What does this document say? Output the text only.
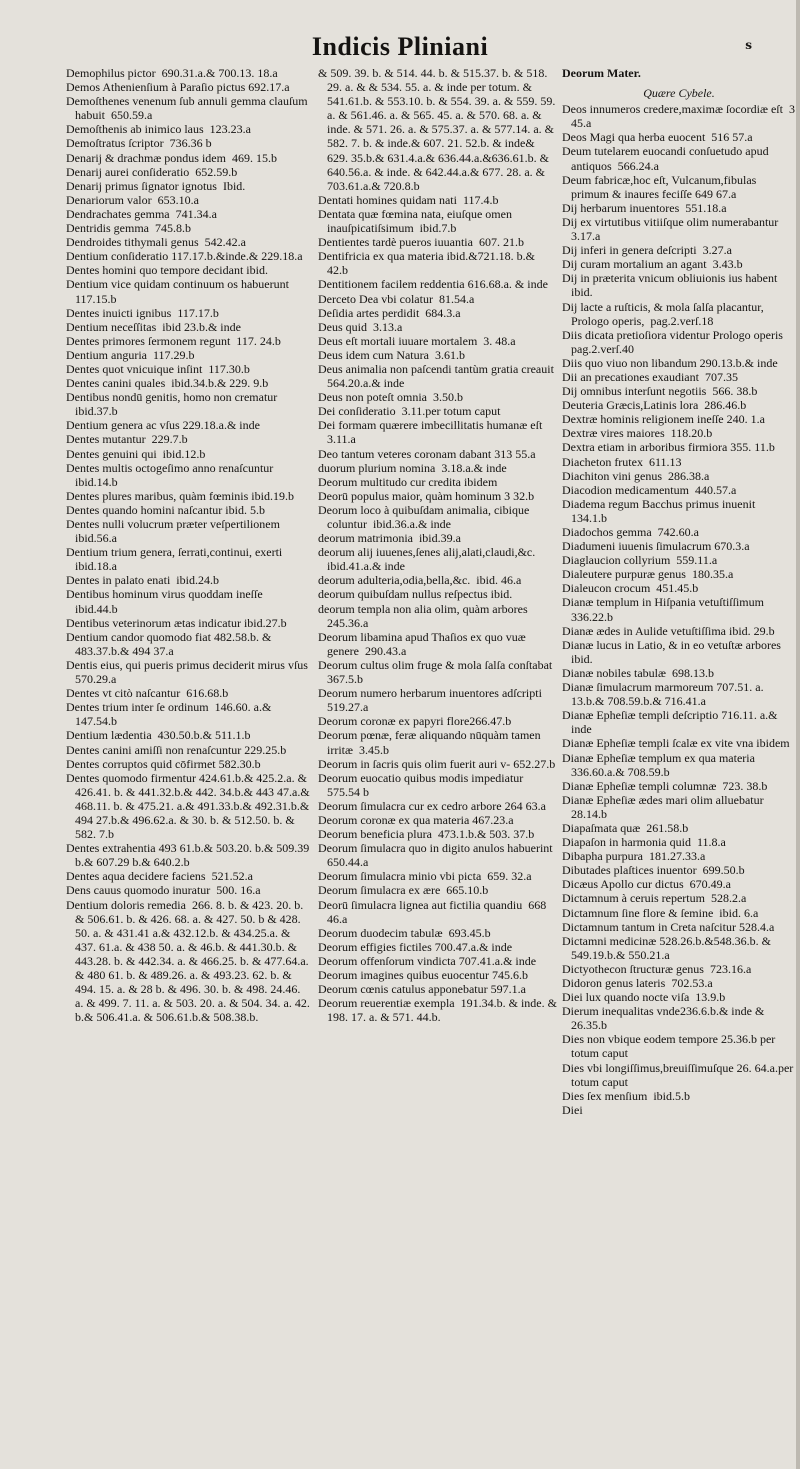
Indicis Pliniani	s

Demophilus pictor  690.31.a.& 700.13. 18.a

Demos Athenienſium à Paraſio pictus 692.17.a

Demoſthenes venenum ſub annuli gemma clauſum habuit  650.59.a

Demoſthenis ab inimico laus  123.23.a

Demoſtratus ſcriptor  736.36 b

Denarij & drachmæ pondus idem  469. 15.b

Denarij aurei conſideratio  652.59.b

Denarij primus ſignator ignotus  Ibid.

Denariorum valor  653.10.a

Dendrachates gemma  741.34.a

Dentridis gemma  745.8.b

Dendroides tithymali genus  542.42.a

Dentium conſideratio 117.17.b.&inde.& 229.18.a

Dentes homini quo tempore decidant ibid.

Dentium vice quidam continuum os habuerunt  117.15.b

Dentes inuicti ignibus  117.17.b

Dentium neceſſitas  ibid 23.b.& inde

Dentes primores ſermonem regunt  117. 24.b

Dentium anguria  117.29.b

Dentes quot vnicuique inſint  117.30.b

Dentes canini quales  ibid.34.b.& 229. 9.b

Dentibus nondū genitis, homo non crematur  ibid.37.b

Dentium genera ac vſus 229.18.a.& inde

Dentes mutantur  229.7.b

Dentes genuini qui  ibid.12.b

Dentes multis octogeſimo anno renaſcuntur  ibid.14.b

Dentes plures maribus, quàm fœminis ibid.19.b

Dentes quando homini naſcantur ibid. 5.b

Dentes nulli volucrum præter veſpertilionem  ibid.56.a

Dentium trium genera, ſerrati,continui, exerti  ibid.18.a

Dentes in palato enati  ibid.24.b

Dentibus hominum virus quoddam ineſſe  ibid.44.b

Dentibus veterinorum ætas indicatur ibid.27.b

Dentium candor quomodo fiat 482.58.b. & 483.37.b.& 494 37.a

Dentis eius, qui pueris primus deciderit mirus vſus  570.29.a

Dentes vt citò naſcantur  616.68.b

Dentes trium inter ſe ordinum  146.60. a.& 147.54.b

Dentium lædentia  430.50.b.& 511.1.b

Dentes canini amiſſi non renaſcuntur 229.25.b

Dentes corruptos quid cōfirmet 582.30.b

Dentes quomodo firmentur 424.61.b.& 425.2.a. & 426.41. b. & 441.32.b.& 442. 34.b.& 443 47.a.& 468.11. b. & 475.21. a.& 491.33.b.& 492.31.b.& 494 27.b.& 496.62.a. & 30. b. & 512.50. b. & 582. 7.b

Dentes extrahentia 493 61.b.& 503.20. b.& 509.39 b.& 607.29 b.& 640.2.b

Dentes aqua decidere faciens  521.52.a

Dens cauus quomodo inuratur  500. 16.a

Dentium doloris remedia  266. 8. b. & 423. 20. b. & 506.61. b. & 426. 68. a. & 427. 50. b & 428. 50. a. & 431.41 a.& 432.12.b. & 434.25.a. & 437. 61.a. & 438 50. a. & 46.b. & 441.30.b. & 443.28. b. & 442.34. a. & 466.25. b. & 477.64.a. & 480 61. b. & 489.26. a. & 493.23. 62. b. & 494. 15. a. & 28 b. & 496. 30. b. & 498. 24.46. a. & 499. 7. 11. a. & 503. 20. a. & 504. 34. a. 42. b.& 506.41.a. & 506.61.b.& 508.38.b.

& 509. 39. b. & 514. 44. b. & 515.37. b. & 518. 29. a. & & 534. 55. a. & inde per totum. & 541.61.b. & 553.10. b. & 554. 39. a. & 559. 59. a. & 561.46. a. & 565. 45. a. & 570. 68. a. & inde. & 571. 26. a. & 575.37. a. & 577.14. a. & 582. 7. b. & inde.& 607. 21. 52.b. & inde& 629. 35.b.& 631.4.a.& 636.44.a.&636.61.b. & 640.56.a. & inde. & 642.44.a.& 677. 28. a. & 703.61.a.& 720.8.b

Dentati homines quidam nati  117.4.b

Dentata quæ fœmina nata, eiuſque omen inauſpicatiſsimum  ibid.7.b

Dentientes tardè pueros iuuantia  607. 21.b

Dentifricia ex qua materia ibid.&721.18. b.& 42.b

Dentitionem facilem reddentia 616.68.a. & inde

Derceto Dea vbi colatur  81.54.a

Deſidia artes perdidit  684.3.a

Deus quid  3.13.a

Deus eſt mortali iuuare mortalem  3. 48.a

Deus idem cum Natura  3.61.b

Deus animalia non paſcendi tantùm gratia creauit  564.20.a.& inde

Deus non poteſt omnia  3.50.b

Dei conſideratio  3.11.per totum caput

Dei formam quærere imbecillitatis humanæ eſt  3.11.a

Deo tantum veteres coronam dabant 313 55.a

duorum plurium nomina  3.18.a.& inde

Deorum multitudo cur credita ibidem

Deorū populus maior, quàm hominum 3 32.b

Deorum loco à quibuſdam animalia, cibique coluntur  ibid.36.a.& inde

deorum matrimonia  ibid.39.a

deorum alij iuuenes,ſenes alij,alati,claudi,&c.  ibid.41.a.& inde

deorum adulteria,odia,bella,&c.  ibid. 46.a

deorum quibuſdam nullus reſpectus ibid.

deorum templa non alia olim, quàm arbores  245.36.a

Deorum libamina apud Thaſios ex quo vuæ genere  290.43.a

Deorum cultus olim fruge & mola ſalſa conſtabat  367.5.b

Deorum numero herbarum inuentores adſcripti  519.27.a

Deorum coronæ ex papyri flore266.47.b

Deorum pœnæ, feræ aliquando nūquàm tamen irritæ  3.45.b

Deorum in ſacris quis olim fuerit auri v- 652.27.b

Deorum euocatio quibus modis impediatur  575.54 b

Deorum ſimulacra cur ex cedro arbore 264 63.a

Deorum coronæ ex qua materia 467.23.a

Deorum beneficia plura  473.1.b.& 503. 37.b

Deorum ſimulacra quo in digito anulos habuerint  650.44.a

Deorum ſimulacra minio vbi picta  659. 32.a

Deorum ſimulacra ex ære  665.10.b

Deorū ſimulacra lignea aut fictilia quandiu  668 46.a

Deorum duodecim tabulæ  693.45.b

Deorum effigies fictiles 700.47.a.& inde

Deorum offenſorum vindicta 707.41.a.& inde

Deorum imagines quibus euocentur 745.6.b

Deorum cœnis catulus apponebatur 597.1.a

Deorum reuerentiæ exempla  191.34.b. & inde. & 198. 17. a. & 571. 44.b.

Deorum Mater.

Quære Cybele.

Deos innumeros credere,maximæ ſocordiæ eſt  3 45.a

Deos Magi qua herba euocent  516 57.a

Deum tutelarem euocandi conſuetudo apud antiquos  566.24.a

Deum fabricæ,hoc eſt, Vulcanum,fibulas primum & inaures feciſſe 649 67.a

Dij herbarum inuentores  551.18.a

Dij ex virtutibus vitiiſque olim numerabantur  3.17.a

Dij inferi in genera deſcripti  3.27.a

Dij curam mortalium an agant  3.43.b

Dij in præterita vnicum obliuionis ius habent  ibid.

Dij lacte a ruſticis, & mola ſalſa placantur, Prologo operis,  pag.2.verſ.18

Diis dicata pretioſiora videntur Prologo operis pag.2.verſ.40

Diis quo viuo non libandum 290.13.b.& inde

Dii an precationes exaudiant  707.35

Dij omnibus interſunt negotiis  566. 38.b

Deuteria Græcis,Latinis lora  286.46.b

Dextræ hominis religionem ineſſe 240. 1.a

Dextræ vires maiores  118.20.b

Dextra etiam in arboribus firmiora 355. 11.b

Diacheton frutex  611.13

Diachiton vini genus  286.38.a

Diacodion medicamentum  440.57.a

Diadema regum Bacchus primus inuenit  134.1.b

Diadochos gemma  742.60.a

Diadumeni iuuenis ſimulacrum 670.3.a

Diaglaucion collyrium  559.11.a

Dialeutere purpuræ genus  180.35.a

Dialeucon crocum  451.45.b

Dianæ templum in Hiſpania vetuſtiſſimum  336.22.b

Dianæ ædes in Aulide vetuſtiſſima ibid. 29.b

Dianæ lucus in Latio, & in eo vetuſtæ arbores  ibid.

Dianæ nobiles tabulæ  698.13.b

Dianæ ſimulacrum marmoreum 707.51. a. 13.b.& 708.59.b.& 716.41.a

Dianæ Epheſiæ templi deſcriptio 716.11. a.& inde

Dianæ Epheſiæ templi ſcalæ ex vite vna ibidem

Dianæ Epheſiæ templum ex qua materia  336.60.a.& 708.59.b

Dianæ Epheſiæ templi columnæ  723. 38.b

Dianæ Epheſiæ ædes mari olim alluebatur  28.14.b

Diapaſmata quæ  261.58.b

Diapaſon in harmonia quid  11.8.a

Dibapha purpura  181.27.33.a

Dibutades plaſtices inuentor  699.50.b

Dicæus Apollo cur dictus  670.49.a

Dictamnum à ceruis repertum  528.2.a

Dictamnum ſine flore & ſemine  ibid. 6.a

Dictamnum tantum in Creta naſcitur 528.4.a

Dictamni medicinæ 528.26.b.&548.36.b. & 549.19.b.& 550.21.a

Dictyothecon ſtructuræ genus  723.16.a

Didoron genus lateris  702.53.a

Diei lux quando nocte viſa  13.9.b

Dierum inequalitas vnde236.6.b.& inde & 26.35.b

Dies non vbique eodem tempore 25.36.b per totum caput

Dies vbi longiſſimus,breuiſſimuſque 26. 64.a.per totum caput

Dies ſex menſium  ibid.5.b

Diei
